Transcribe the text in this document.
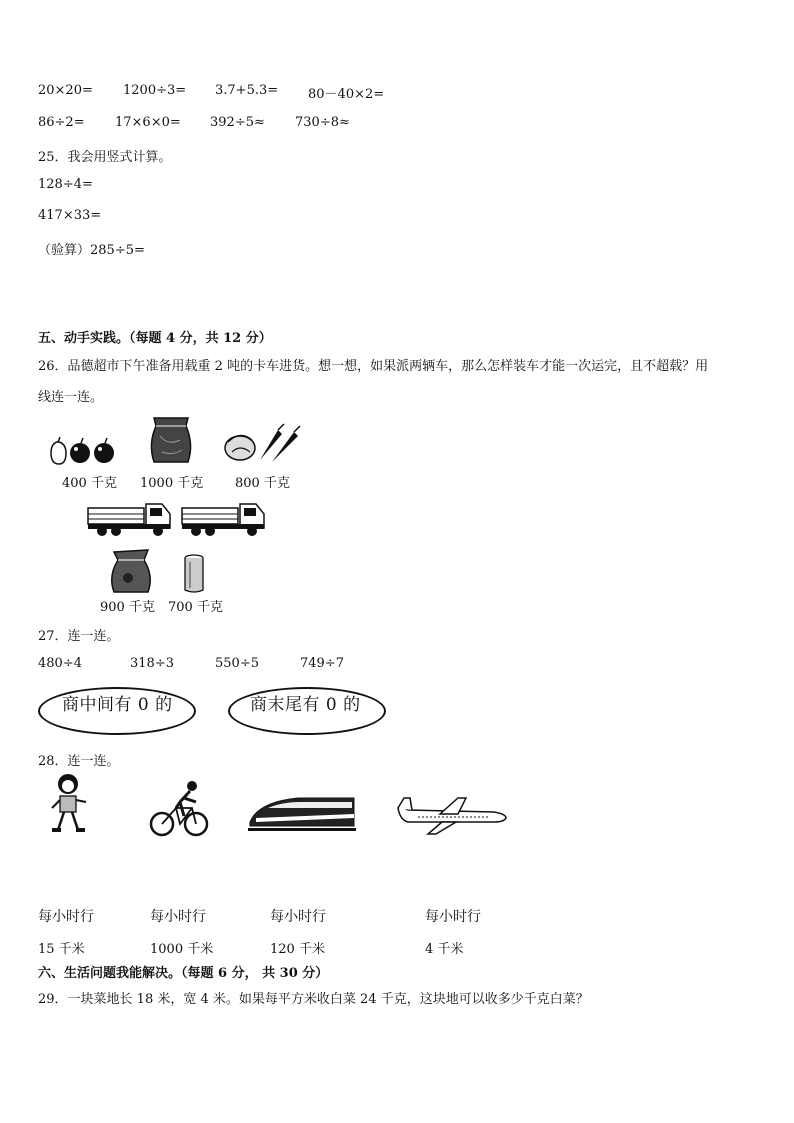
20×20= 1200÷3= 3.7+5.3= 80－40×2=
86÷2= 17×6×0= 392÷5≈ 730÷8≈
25．我会用竖式计算。
128÷4=
417×33=
（验算）285÷5=
五、动手实践。（每题 4 分，共 12 分）
26．品德超市下午准备用载重 2 吨的卡车进货。想一想，如果派两辆车，那么怎样装车才能一次运完，且不超载？用
线连一连。
400 千克 1000 千克 800 千克
900 千克 700 千克
27．连一连。
480÷4	318÷3	550÷5	749÷7
商中间有 0 的	商末尾有 0 的
28．连一连。
每小时行	每小时行	每小时行	每小时行
15 千米	1000 千米	120 千米	4 千米
六、生活问题我能解决。（每题 6 分， 共 30 分）
29．一块菜地长 18 米，宽 4 米。如果每平方米收白菜 24 千克，这块地可以收多少千克白菜？
